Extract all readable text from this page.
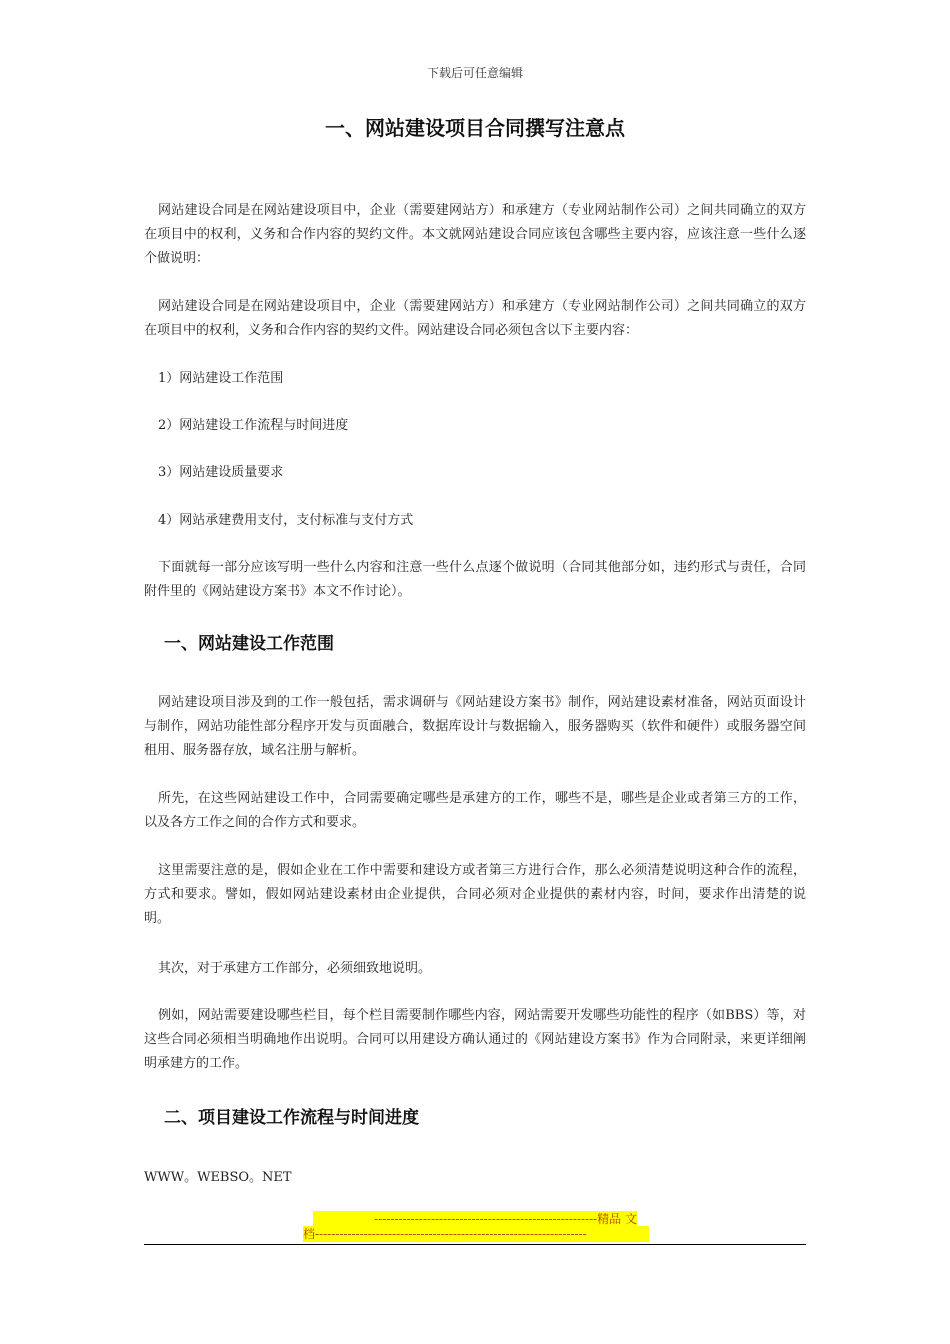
下载后可任意编辑
一、网站建设项目合同撰写注意点

网站建设合同是在网站建设项目中，企业（需要建网站方）和承建方（专业网站制作公司）之间共同确立的双方在项目中的权利，义务和合作内容的契约文件。本文就网站建设合同应该包含哪些主要内容，应该注意一些什么逐个做说明：

网站建设合同是在网站建设项目中，企业（需要建网站方）和承建方（专业网站制作公司）之间共同确立的双方在项目中的权利，义务和合作内容的契约文件。网站建设合同必须包含以下主要内容：

1）网站建设工作范围

2）网站建设工作流程与时间进度

3）网站建设质量要求

4）网站承建费用支付，支付标准与支付方式

下面就每一部分应该写明一些什么内容和注意一些什么点逐个做说明（合同其他部分如，违约形式与责任，合同附件里的《网站建设方案书》本文不作讨论）。

一、网站建设工作范围

网站建设项目涉及到的工作一般包括，需求调研与《网站建设方案书》制作，网站建设素材准备，网站页面设计与制作，网站功能性部分程序开发与页面融合，数据库设计与数据输入，服务器购买（软件和硬件）或服务器空间租用、服务器存放，域名注册与解析。

所先，在这些网站建设工作中，合同需要确定哪些是承建方的工作，哪些不是，哪些是企业或者第三方的工作，以及各方工作之间的合作方式和要求。

这里需要注意的是，假如企业在工作中需要和建设方或者第三方进行合作，那么必须清楚说明这种合作的流程，方式和要求。譬如，假如网站建设素材由企业提供，合同必须对企业提供的素材内容，时间，要求作出清楚的说明。

其次，对于承建方工作部分，必须细致地说明。

例如，网站需要建设哪些栏目，每个栏目需要制作哪些内容，网站需要开发哪些功能性的程序（如BBS）等，对这些合同必须相当明确地作出说明。合同可以用建设方确认通过的《网站建设方案书》作为合同附录，来更详细阐明承建方的工作。

二、项目建设工作流程与时间进度

WWW。WEBSO。NET

-------------------------------------------------------精品 文
档-------------------------------------------------------------------
